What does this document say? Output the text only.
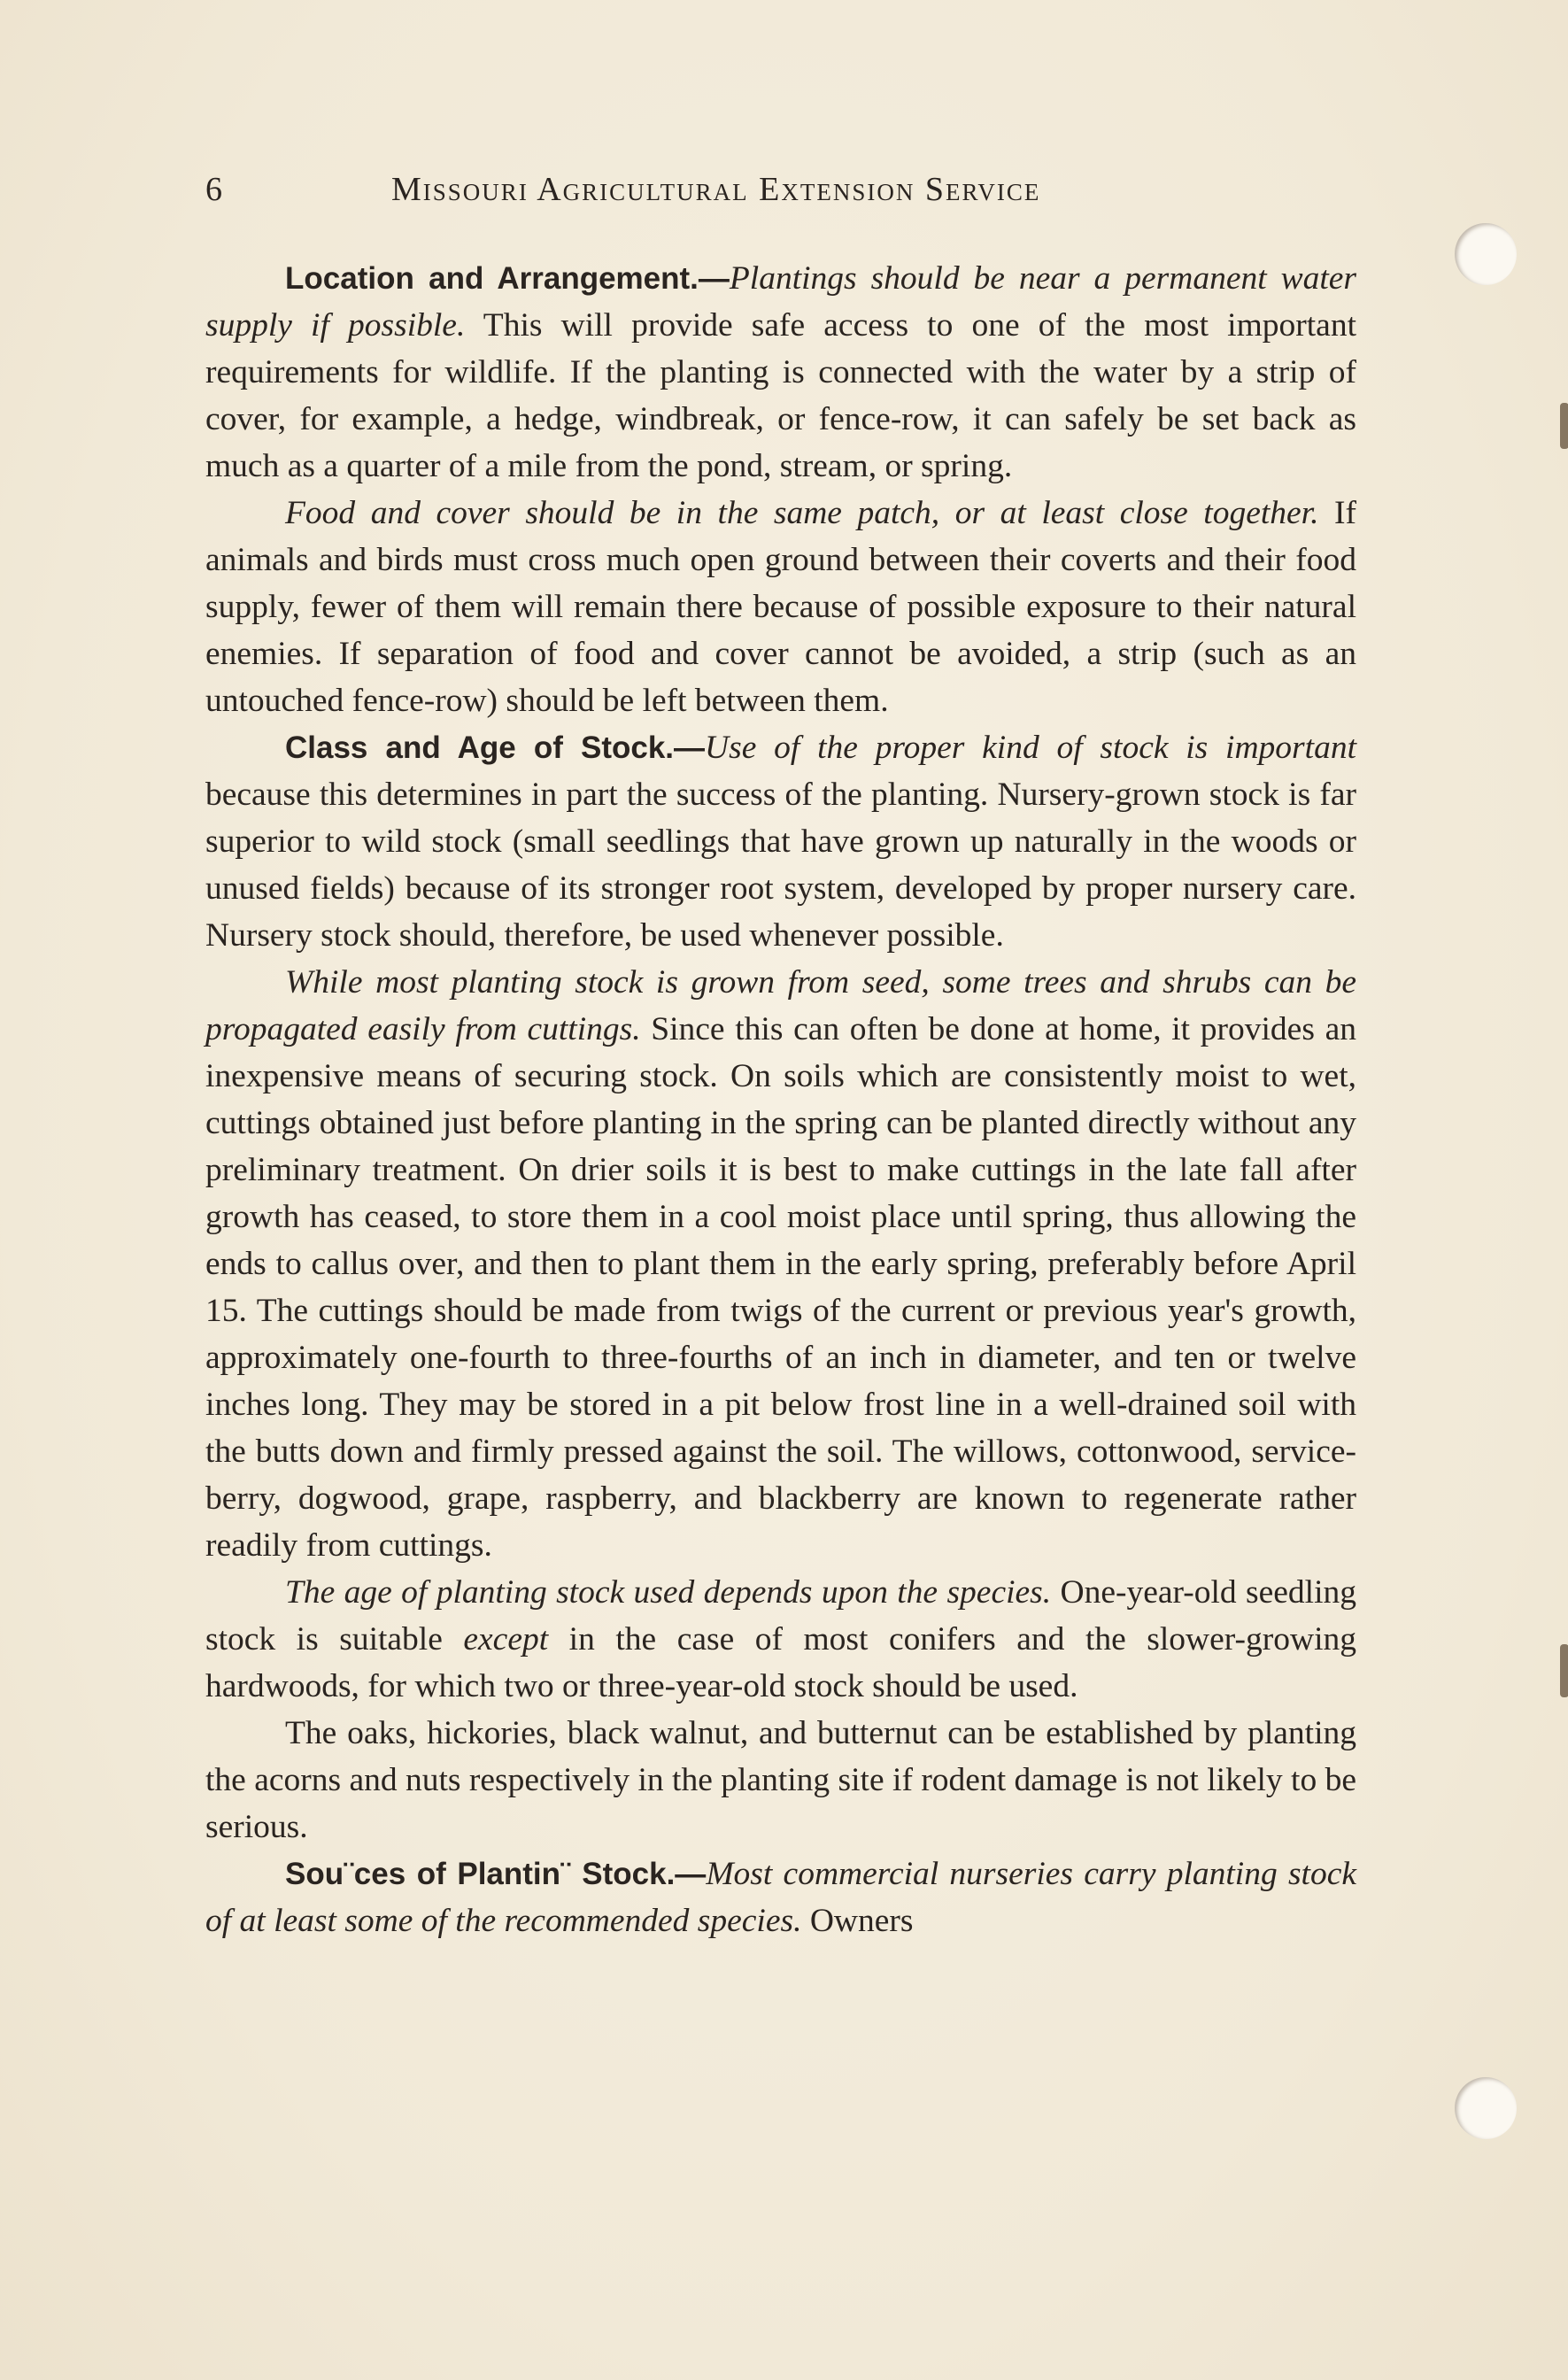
6	Missouri Agricultural Extension Service

Location and Arrangement.—Plantings should be near a permanent water supply if possible. This will provide safe access to one of the most important requirements for wildlife. If the planting is connected with the water by a strip of cover, for example, a hedge, windbreak, or fence-row, it can safely be set back as much as a quarter of a mile from the pond, stream, or spring.

Food and cover should be in the same patch, or at least close together. If animals and birds must cross much open ground between their coverts and their food supply, fewer of them will remain there because of possible exposure to their natural enemies. If separation of food and cover cannot be avoided, a strip (such as an untouched fence-row) should be left between them.

Class and Age of Stock.—Use of the proper kind of stock is important because this determines in part the success of the planting. Nursery-grown stock is far superior to wild stock (small seedlings that have grown up naturally in the woods or unused fields) because of its stronger root system, developed by proper nursery care. Nursery stock should, therefore, be used whenever possible.

While most planting stock is grown from seed, some trees and shrubs can be propagated easily from cuttings. Since this can often be done at home, it provides an inexpensive means of securing stock. On soils which are consistently moist to wet, cuttings obtained just before planting in the spring can be planted directly without any preliminary treatment. On drier soils it is best to make cuttings in the late fall after growth has ceased, to store them in a cool moist place until spring, thus allowing the ends to callus over, and then to plant them in the early spring, preferably before April 15. The cuttings should be made from twigs of the current or previous year's growth, approximately one-fourth to three-fourths of an inch in diameter, and ten or twelve inches long. They may be stored in a pit below frost line in a well-drained soil with the butts down and firmly pressed against the soil. The willows, cottonwood, service-berry, dogwood, grape, raspberry, and blackberry are known to regenerate rather readily from cuttings.

The age of planting stock used depends upon the species. One-year-old seedling stock is suitable except in the case of most conifers and the slower-growing hardwoods, for which two or three-year-old stock should be used.

The oaks, hickories, black walnut, and butternut can be established by planting the acorns and nuts respectively in the planting site if rodent damage is not likely to be serious.

Sou¨ces of Plantin¨ Stock.—Most commercial nurseries carry planting stock of at least some of the recommended species. Owners
